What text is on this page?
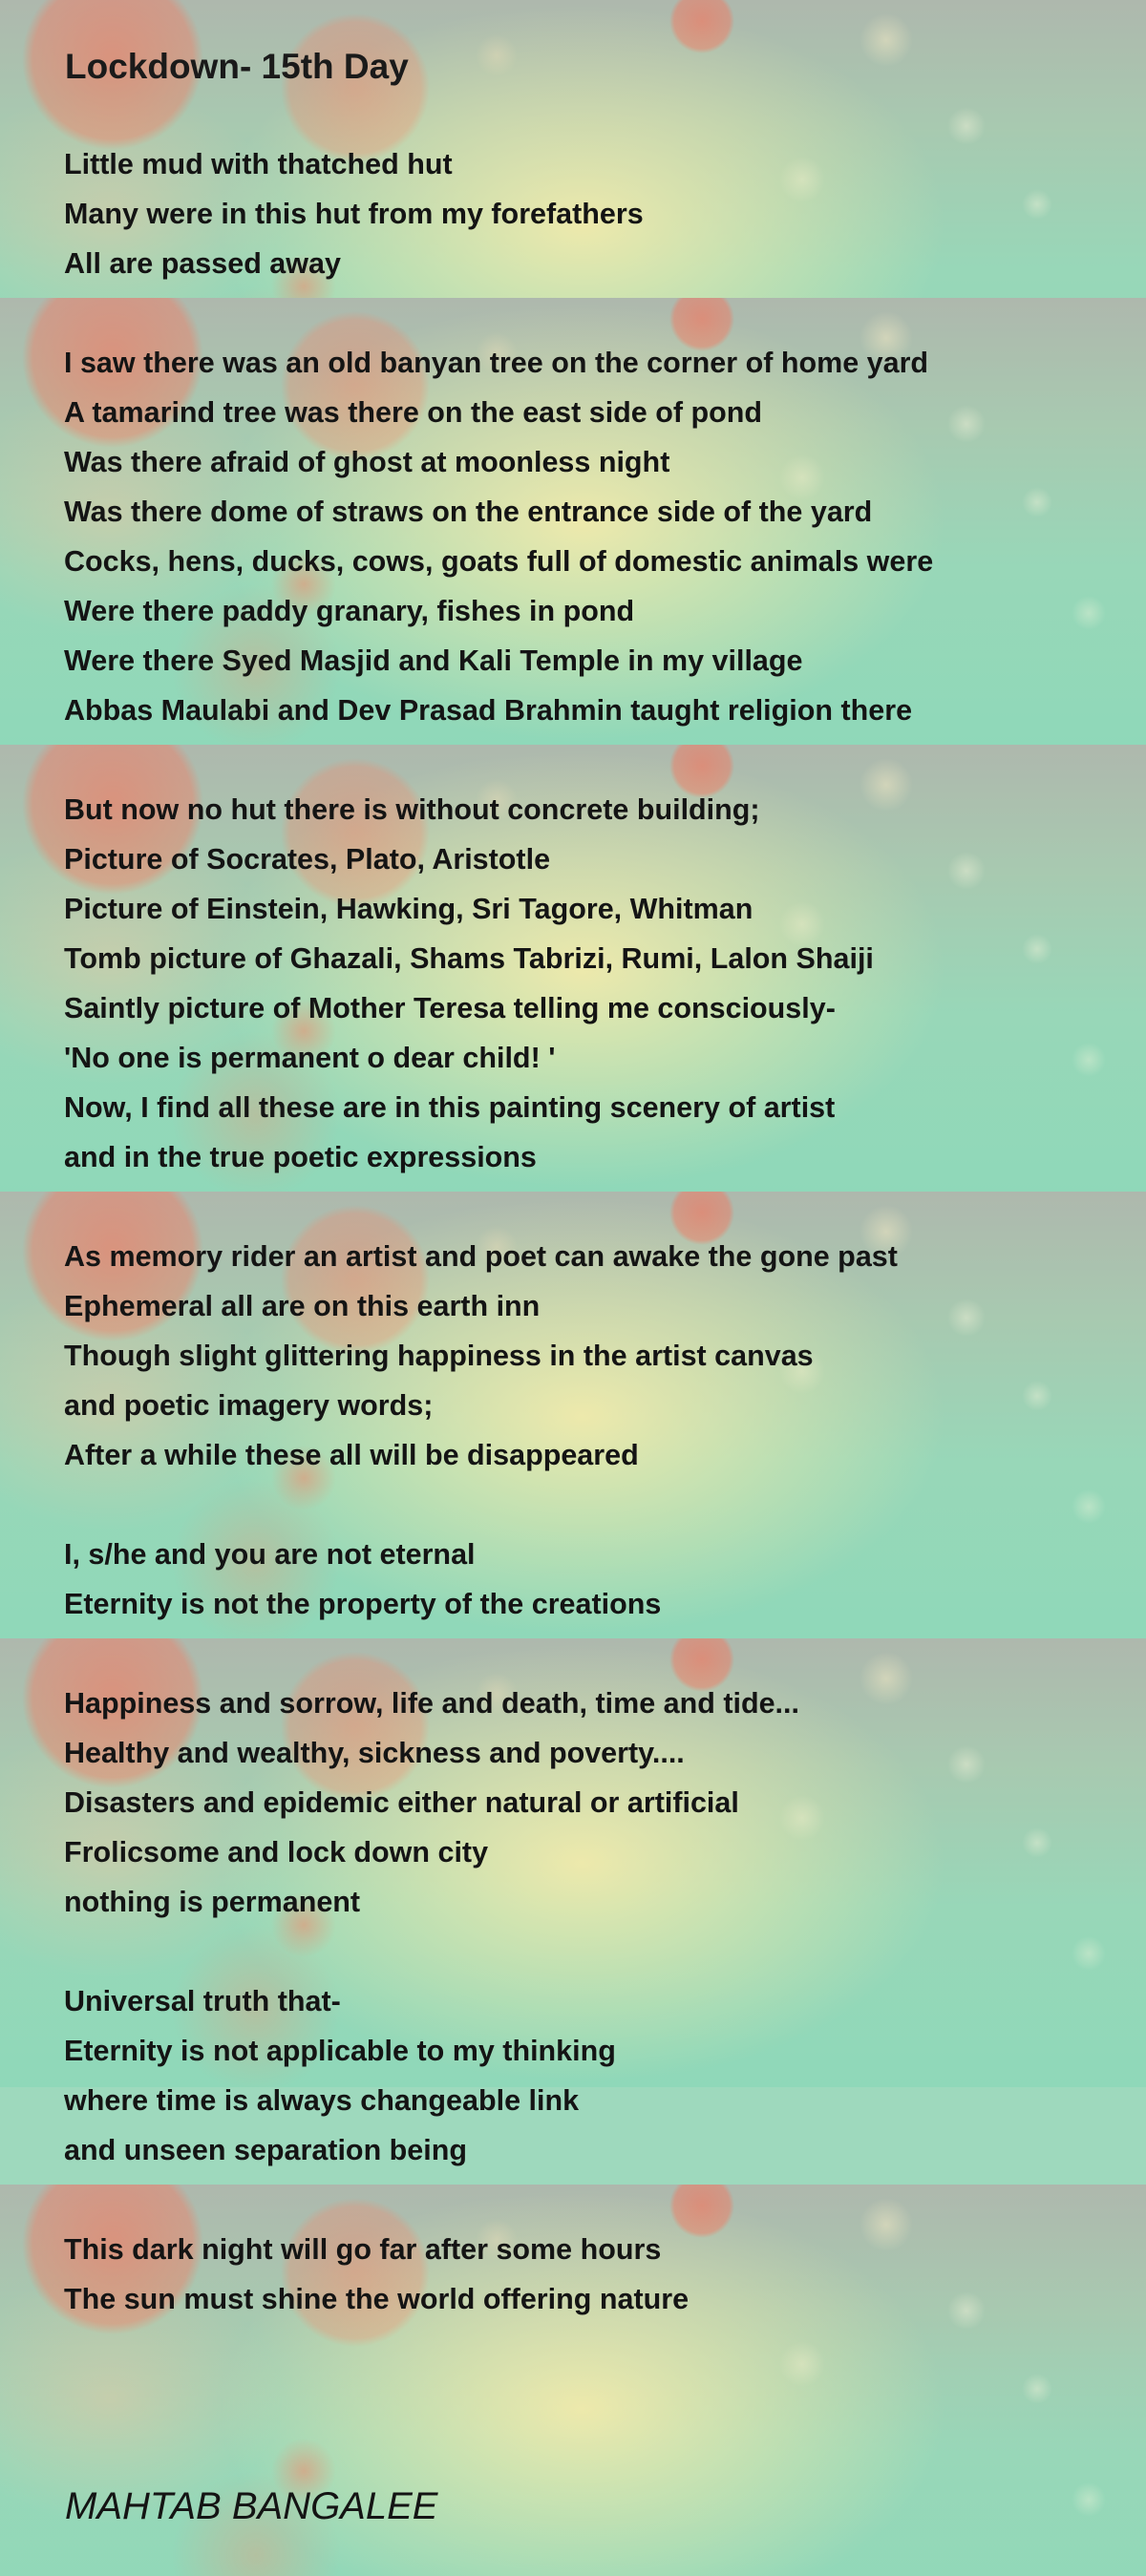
Lockdown- 15th Day

Little mud with thatched hut

Many were in this hut from my forefathers

All are passed away

I saw there was an old banyan tree on the corner of home yard

A tamarind tree was there on the east side of pond

Was there afraid of ghost at moonless night

Was there dome of straws on the entrance side of the yard

Cocks, hens, ducks, cows, goats full of domestic animals were

Were there paddy granary, fishes in pond

Were there Syed Masjid and Kali Temple in my village

Abbas Maulabi and Dev Prasad Brahmin taught religion there

But now no hut there is without concrete building;

Picture of Socrates, Plato, Aristotle

Picture of Einstein, Hawking, Sri Tagore, Whitman

Tomb picture of Ghazali, Shams Tabrizi, Rumi, Lalon Shaiji

Saintly picture of Mother Teresa telling me consciously-

'No one is permanent o dear child! '

Now, I find all these are in this painting scenery of artist

and in the true poetic expressions

As memory rider an artist and poet can awake the gone past

Ephemeral all are on this earth inn

Though slight glittering happiness in the artist canvas

and poetic imagery words;

After a while these all will be disappeared

I, s/he and you are not eternal

Eternity is not the property of the creations

Happiness and sorrow, life and death, time and tide...

Healthy and wealthy, sickness and poverty....

Disasters and epidemic either natural or artificial

Frolicsome and lock down city

nothing is permanent

Universal truth that-

Eternity is not applicable to my thinking

where time is always changeable link

and unseen separation being

This dark night will go far after some hours

The sun must shine the world offering nature

MAHTAB BANGALEE
